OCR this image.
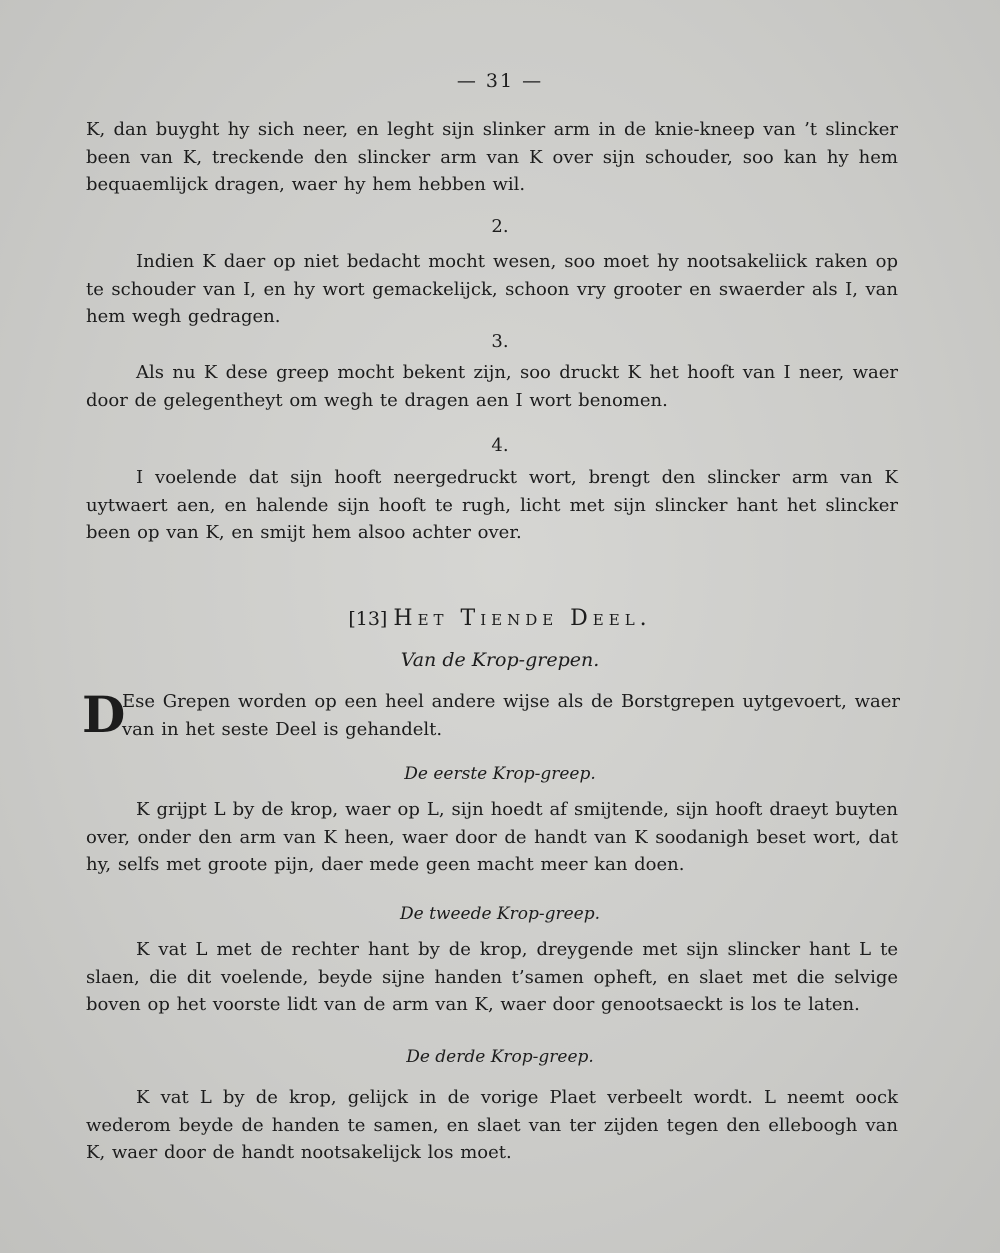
— 31 —
K, dan buyght hy sich neer, en leght sijn slinker arm in de knie-kneep van ’t slincker been van K, treckende den slincker arm van K over sijn schouder, soo kan hy hem bequaemlijck dragen, waer hy hem hebben wil.
2.
Indien K daer op niet bedacht mocht wesen, soo moet hy nootsakeliick raken op te schouder van I, en hy wort gemackelijck, schoon vry grooter en swaerder als I, van hem wegh gedragen.
3.
Als nu K dese greep mocht bekent zijn, soo druckt K het hooft van I neer, waer door de gelegentheyt om wegh te dragen aen I wort benomen.
4.
I voelende dat sijn hooft neergedruckt wort, brengt den slincker arm van K uytwaert aen, en halende sijn hooft te rugh, licht met sijn slincker hant het slincker been op van K, en smijt hem alsoo achter over.
[13] Het Tiende Deel.
Van de Krop-grepen.
D
Ese Grepen worden op een heel andere wijse als de Borstgrepen uytgevoert, waer van in het seste Deel is gehandelt.
De eerste Krop-greep.
K grijpt L by de krop, waer op L, sijn hoedt af smijtende, sijn hooft draeyt buyten over, onder den arm van K heen, waer door de handt van K soodanigh beset wort, dat hy, selfs met groote pijn, daer mede geen macht meer kan doen.
De tweede Krop-greep.
K vat L met de rechter hant by de krop, dreygende met sijn slincker hant L te slaen, die dit voelende, beyde sijne handen t’samen opheft, en slaet met die selvige boven op het voorste lidt van de arm van K, waer door genootsaeckt is los te laten.
De derde Krop-greep.
K vat L by de krop, gelijck in de vorige Plaet verbeelt wordt. L neemt oock wederom beyde de handen te samen, en slaet van ter zijden tegen den elleboogh van K, waer door de handt nootsakelijck los moet.
